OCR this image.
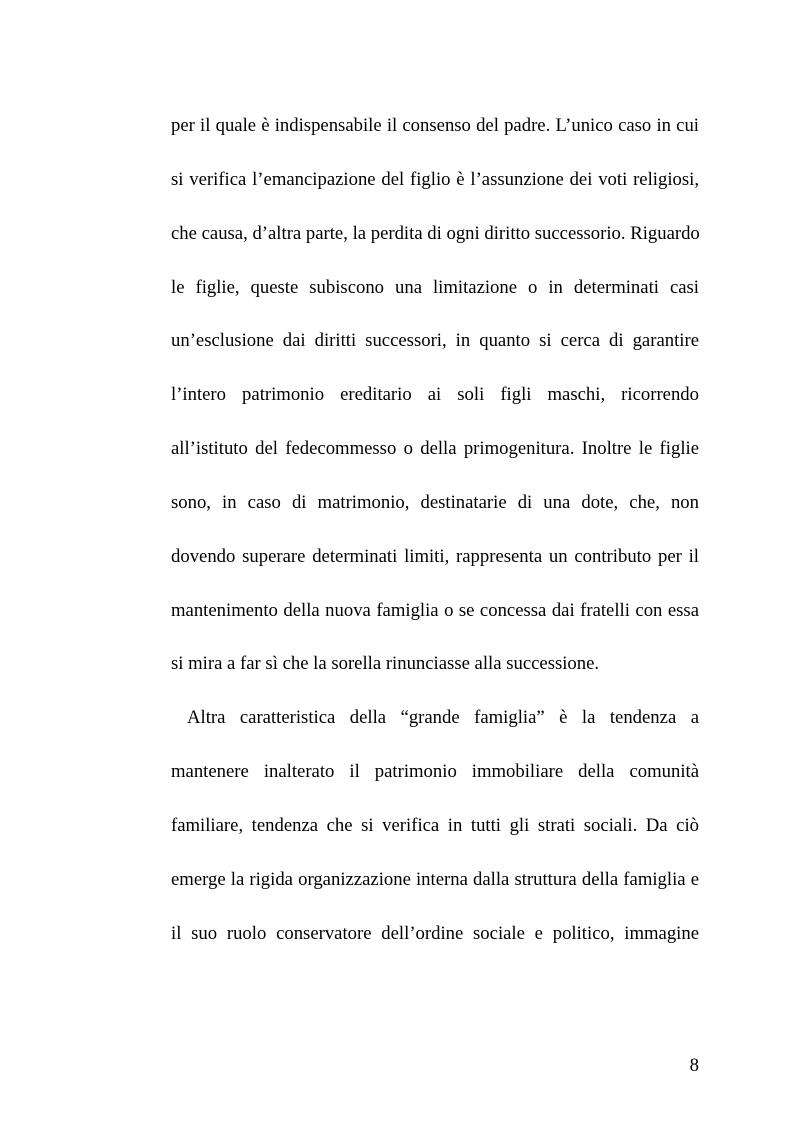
per il quale è indispensabile il consenso del padre. L’unico caso in cui
si verifica l’emancipazione del figlio è l’assunzione dei voti religiosi,
che causa, d’altra parte, la perdita di ogni diritto successorio. Riguardo
le figlie, queste subiscono una limitazione o in determinati casi
un’esclusione dai diritti successori, in quanto si cerca di garantire
l’intero patrimonio ereditario ai soli figli maschi, ricorrendo
all’istituto del fedecommesso o della primogenitura. Inoltre le figlie
sono, in caso di matrimonio, destinatarie di una dote, che, non
dovendo superare determinati limiti, rappresenta un contributo per il
mantenimento della nuova famiglia o se concessa dai fratelli con essa
si mira a far sì che la sorella rinunciasse alla successione.
Altra caratteristica della “grande famiglia” è la tendenza a
mantenere inalterato il patrimonio immobiliare della comunità
familiare, tendenza che si verifica in tutti gli strati sociali. Da ciò
emerge la rigida organizzazione interna dalla struttura della famiglia e
il suo ruolo conservatore dell’ordine sociale e politico, immagine
8
